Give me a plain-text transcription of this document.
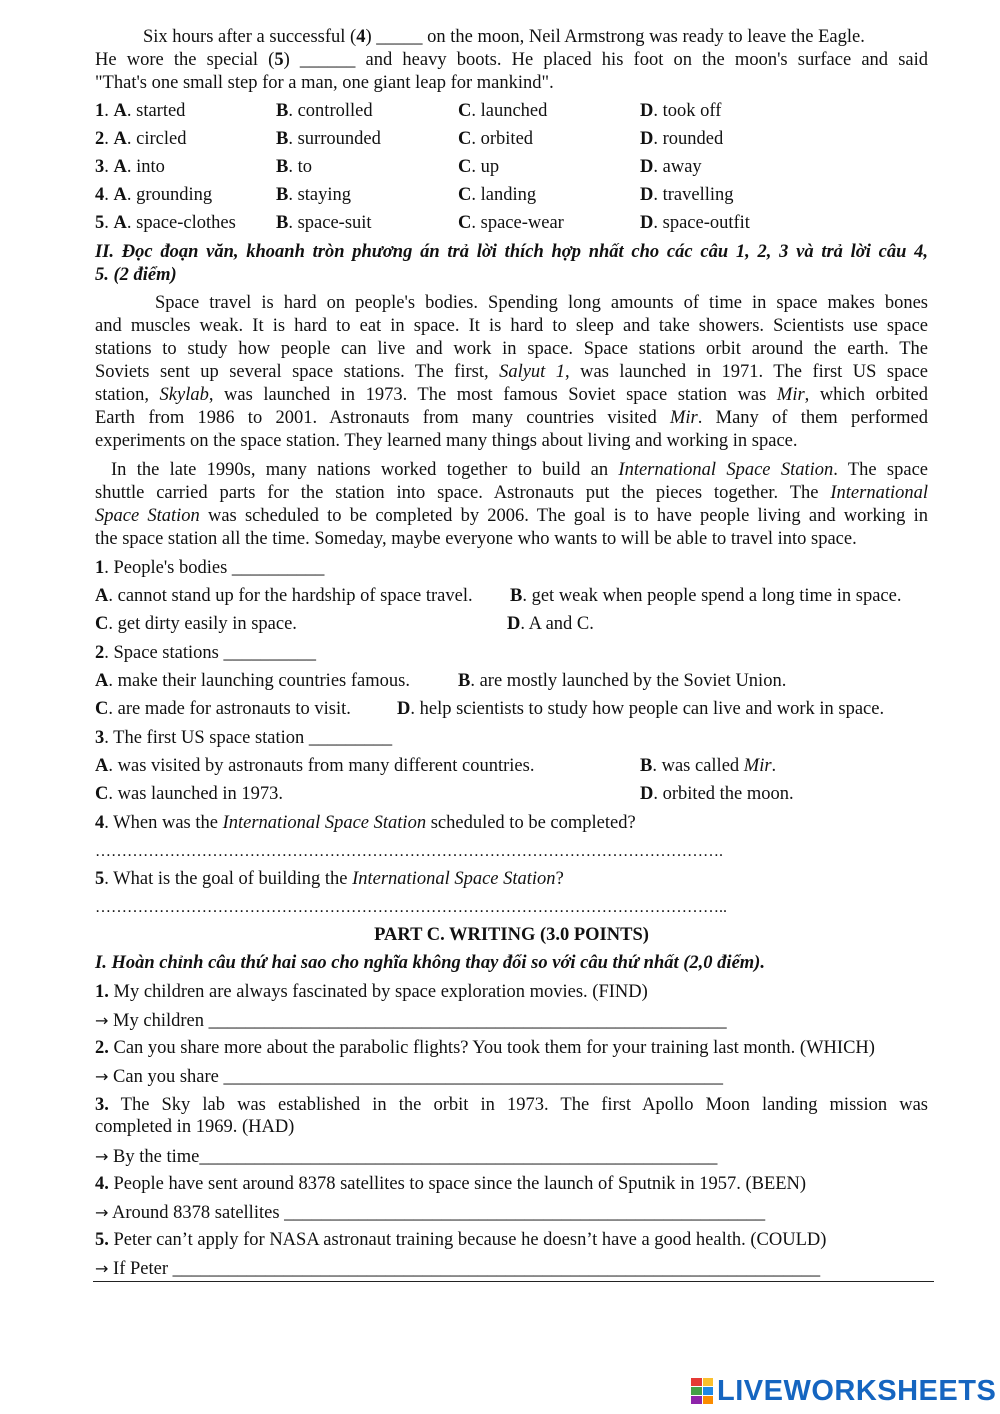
Six hours after a successful (4) _____ on the moon, Neil Armstrong was ready to leave the Eagle.
He wore the special (5) ______ and heavy boots. He placed his foot on the moon's surface and said
"That's one small step for a man, one giant leap for mankind".
1. A. started	B. controlled	C. launched	D. took off
2. A. circled	B. surrounded	C. orbited	D. rounded
3. A. into	B. to	C. up	D. away
4. A. grounding	B. staying	C. landing	D. travelling
5. A. space-clothes B. space-suit	C. space-wear	D. space-outfit
II. Đọc đoạn văn, khoanh tròn phương án trả lời thích hợp nhất cho các câu 1, 2, 3 và trả lời câu 4,
5. (2 điểm)
Space travel is hard on people's bodies. Spending long amounts of time in space makes bones
and muscles weak. It is hard to eat in space. It is hard to sleep and take showers. Scientists use space
stations to study how people can live and work in space. Space stations orbit around the earth. The
Soviets sent up several space stations. The first, Salyut 1, was launched in 1971. The first US space
station, Skylab, was launched in 1973. The most famous Soviet space station was Mir, which orbited
Earth from 1986 to 2001. Astronauts from many countries visited Mir. Many of them performed
experiments on the space station. They learned many things about living and working in space.
In the late 1990s, many nations worked together to build an International Space Station. The space
shuttle carried parts for the station into space. Astronauts put the pieces together. The International
Space Station was scheduled to be completed by 2006. The goal is to have people living and working in
the space station all the time. Someday, maybe everyone who wants to will be able to travel into space.
1. People's bodies __________
A. cannot stand up for the hardship of space travel. B. get weak when people spend a long time in space.
C. get dirty easily in space.	D. A and C.
2. Space stations __________
A. make their launching countries famous.	B. are mostly launched by the Soviet Union.
C. are made for astronauts to visit. D. help scientists to study how people can live and work in space.
3. The first US space station _________
A. was visited by astronauts from many different countries.	B. was called Mir.
C. was launched in 1973.	D. orbited the moon.
4. When was the International Space Station scheduled to be completed?
……………………………………………………………………………………………………….
5. What is the goal of building the International Space Station?
………………………………………………………………………………………………………..
PART C. WRITING (3.0 POINTS)
I. Hoàn chỉnh câu thứ hai sao cho nghĩa không thay đổi so với câu thứ nhất (2,0 điểm).
1. My children are always fascinated by space exploration movies. (FIND)
→ My children ________________________________________________________
2. Can you share more about the parabolic flights? You took them for your training last month. (WHICH)
→ Can you share ______________________________________________________
3. The Sky lab was established in the orbit in 1973. The first Apollo Moon landing mission was
completed in 1969. (HAD)
→ By the time________________________________________________________
4. People have sent around 8378 satellites to space since the launch of Sputnik in 1957. (BEEN)
→ Around 8378 satellites ____________________________________________________
5. Peter can’t apply for NASA astronaut training because he doesn’t have a good health. (COULD)
→ If Peter ______________________________________________________________________
LIVEWORKSHEETS
